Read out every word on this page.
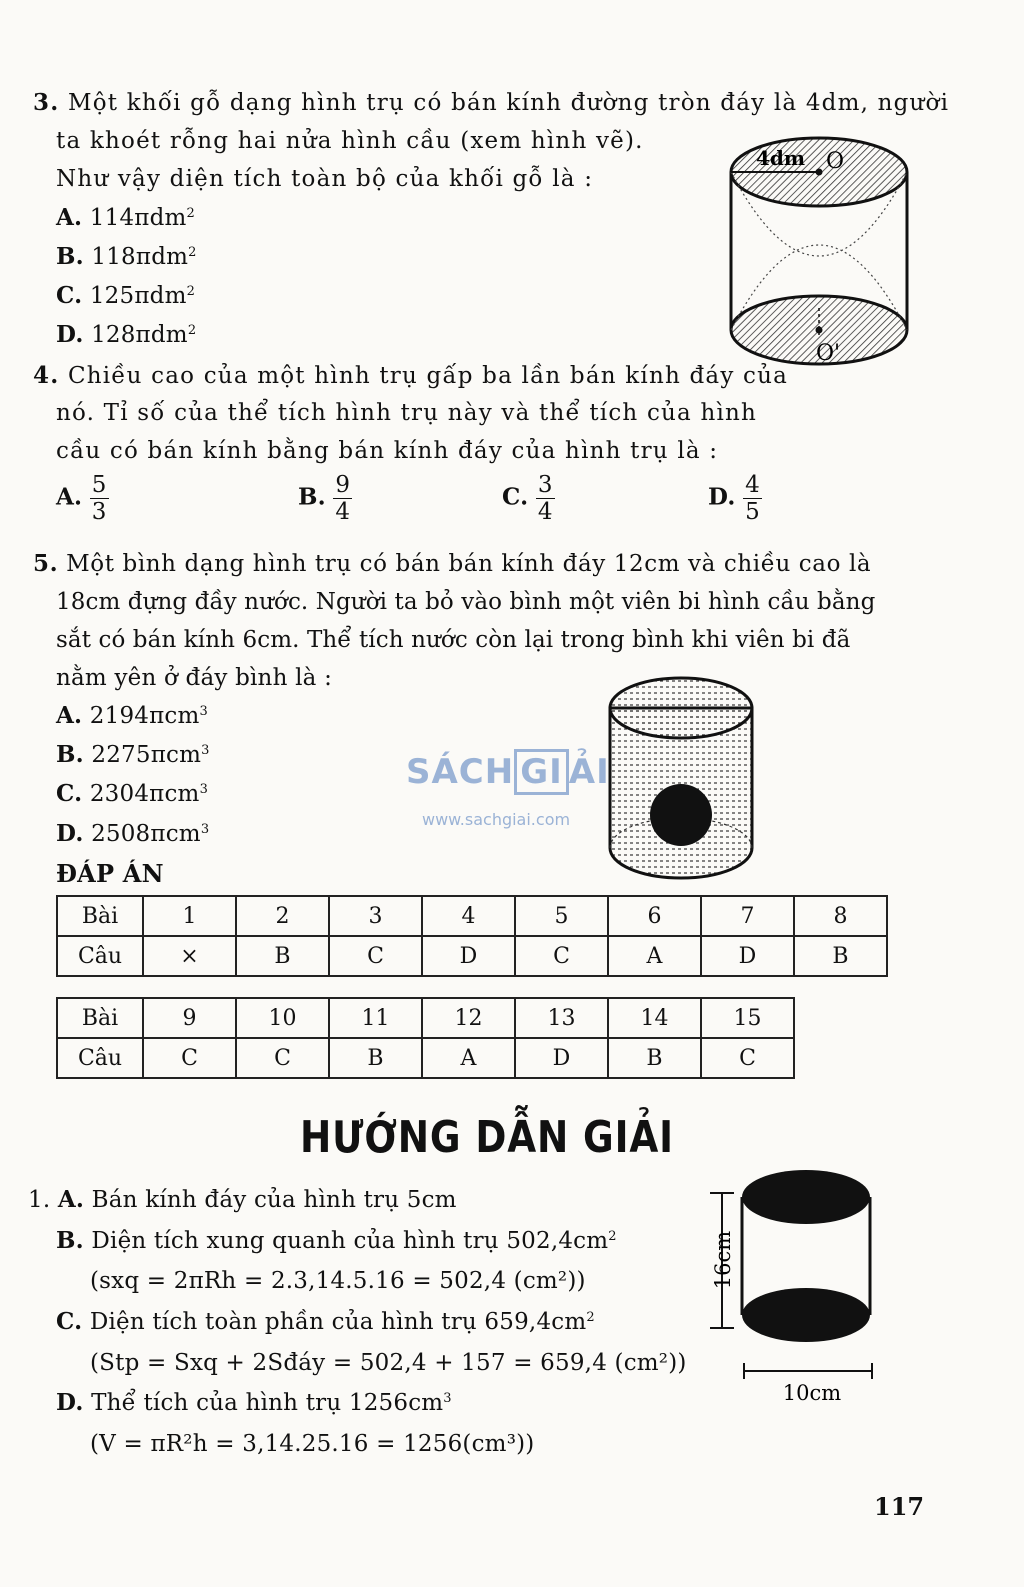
3. Một khối gỗ dạng hình trụ có bán kính đường tròn đáy là 4dm, người
ta khoét rỗng hai nửa hình cầu (xem hình vẽ).
Như vậy diện tích toàn bộ của khối gỗ là :
A. 114πdm$^2$
B. 118πdm$^2$
C. 125πdm$^2$
D. 128πdm$^2$
4dm O
O'
4. Chiều cao của một hình trụ gấp ba lần bán kính đáy của
nó. Tỉ số của thể tích hình trụ này và thể tích của hình
cầu có bán kính bằng bán kính đáy của hình trụ là :
A. $\frac{5}{3}$	B. $\frac{9}{4}$	C. $\frac{3}{4}$	D. $\frac{4}{5}$
5. Một bình dạng hình trụ có bán bán kính đáy 12cm và chiều cao là
18cm đựng đầy nước. Người ta bỏ vào bình một viên bi hình cầu bằng
sắt có bán kính 6cm. Thể tích nước còn lại trong bình khi viên bi đã
nằm yên ở đáy bình là :
A. 2194πcm$^3$
B. 2275πcm$^3$
C. 2304πcm$^3$
D. 2508πcm$^3$
SÁCH GI ẢI
www.sachgiai.com
ĐÁP ÁN
Bài	1	2	3	4	5	6	7	8
Câu	×	B	C	D	C	A	D	B
Bài	9	10	11	12	13	14	15
Câu	C	C	B	A	D	B	C
HƯỚNG DẪN GIẢI
1. A. Bán kính đáy của hình trụ 5cm
B. Diện tích xung quanh của hình trụ $502,4cm^2$
(sxq = 2πRh = 2.3,14.5.16 = 502,4 (cm²))
C. Diện tích toàn phần của hình trụ $659,4cm^2$
(Stp = Sxq + 2Sđáy = 502,4 + 157 = 659,4 (cm²))
D. Thể tích của hình trụ $1256cm^3$
(V = πR²h = 3,14.25.16 = 1256(cm³))
16cm
10cm
117
